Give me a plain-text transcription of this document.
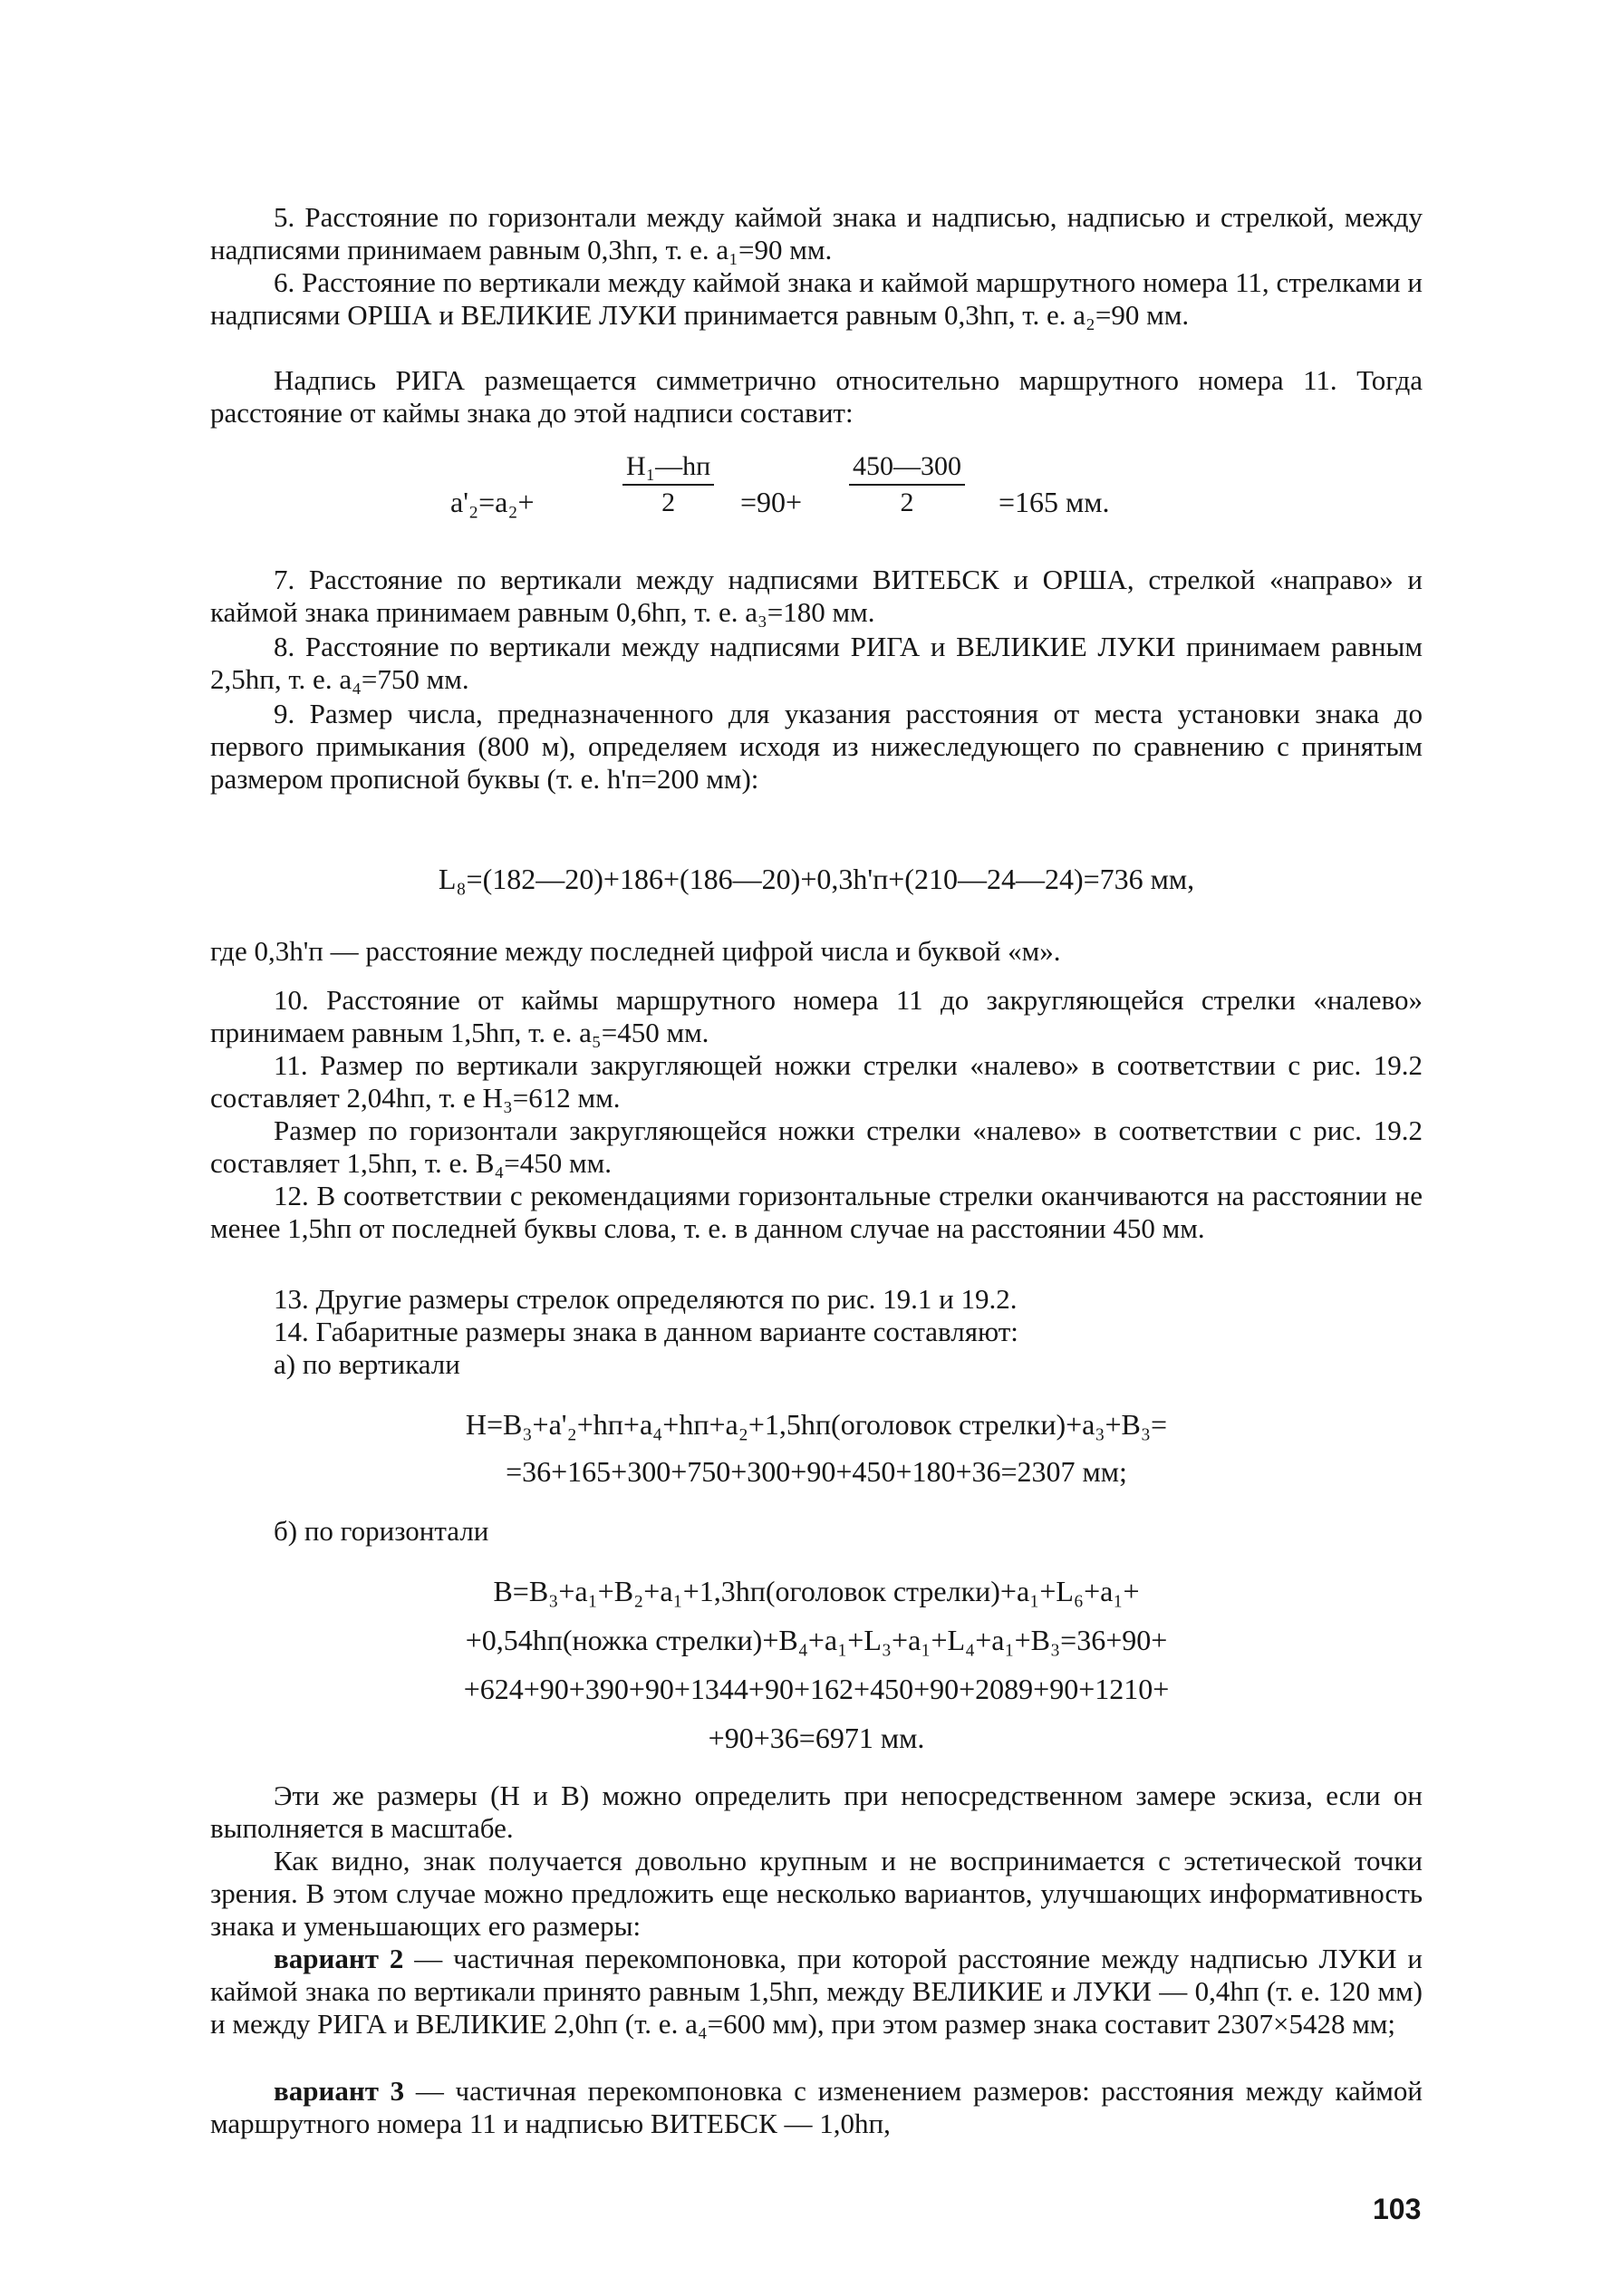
5. Расстояние по горизонтали между каймой знака и надписью, надписью и стрелкой, между надписями принимаем равным 0,3hп, т. е. a₁=90 мм.

6. Расстояние по вертикали между каймой знака и каймой маршрутного номера 11, стрелками и надписями ОРША и ВЕЛИКИЕ ЛУКИ принимается равным 0,3hп, т. е. a₂=90 мм.

Надпись РИГА размещается симметрично относительно маршрутного номера 11. Тогда расстояние от каймы знака до этой надписи составит:

a'₂=a₂+
H₁—hп
2	$=90+ \frac{450—300}{2} =165$ мм.

7. Расстояние по вертикали между надписями ВИТЕБСК и ОРША, стрелкой «направо» и каймой знака принимаем равным 0,6hп, т. е. a₃=180 мм.

8. Расстояние по вертикали между надписями РИГА и ВЕЛИКИЕ ЛУКИ принимаем равным 2,5hп, т. е. a₄=750 мм.

9. Размер числа, предназначенного для указания расстояния от места установки знака до первого примыкания (800 м), определяем исходя из нижеследующего по сравнению с принятым размером прописной буквы (т. е. h'п=200 мм):

L₈=(182—20)+186+(186—20)+0,3h'п+(210—24—24)=736 мм,

где 0,3h'п — расстояние между последней цифрой числа и буквой «м».

10. Расстояние от каймы маршрутного номера 11 до закругляющейся стрелки «налево» принимаем равным 1,5hп, т. е. a₅=450 мм.

11. Размер по вертикали закругляющей ножки стрелки «налево» в соответствии с рис. 19.2 составляет 2,04hп, т. е H₃=612 мм.

Размер по горизонтали закругляющейся ножки стрелки «налево» в соответствии с рис. 19.2 составляет 1,5hп, т. е. B₄=450 мм.

12. В соответствии с рекомендациями горизонтальные стрелки оканчиваются на расстоянии не менее 1,5hп от последней буквы слова, т. е. в данном случае на расстоянии 450 мм.

13. Другие размеры стрелок определяются по рис. 19.1 и 19.2.

14. Габаритные размеры знака в данном варианте составляют:

а) по вертикали

H=B₃+a'₂+hп+a₄+hп+a₂+1,5hп(оголовок стрелки)+a₃+B₃=
=36+165+300+750+300+90+450+180+36=2307 мм;

б) по горизонтали

B=B₃+a₁+B₂+a₁+1,3hп(оголовок стрелки)+a₁+L₆+a₁+
+0,54hп(ножка стрелки)+B₄+a₁+L₃+a₁+L₄+a₁+B₃=36+90+
+624+90+390+90+1344+90+162+450+90+2089+90+1210+
+90+36=6971 мм.

Эти же размеры (H и B) можно определить при непосредственном замере эскиза, если он выполняется в масштабе.

Как видно, знак получается довольно крупным и не воспринимается с эстетической точки зрения. В этом случае можно предложить еще несколько вариантов, улучшающих информативность знака и уменьшающих его размеры:

вариант 2 — частичная перекомпоновка, при которой расстояние между надписью ЛУКИ и каймой знака по вертикали принято равным 1,5hп, между ВЕЛИКИЕ и ЛУКИ — 0,4hп (т. е. 120 мм) и между РИГА и ВЕЛИКИЕ 2,0hп (т. е. a₄=600 мм), при этом размер знака составит 2307×5428 мм;

вариант 3 — частичная перекомпоновка с изменением размеров: расстояния между каймой маршрутного номера 11 и надписью ВИТЕБСК — 1,0hп,

103
